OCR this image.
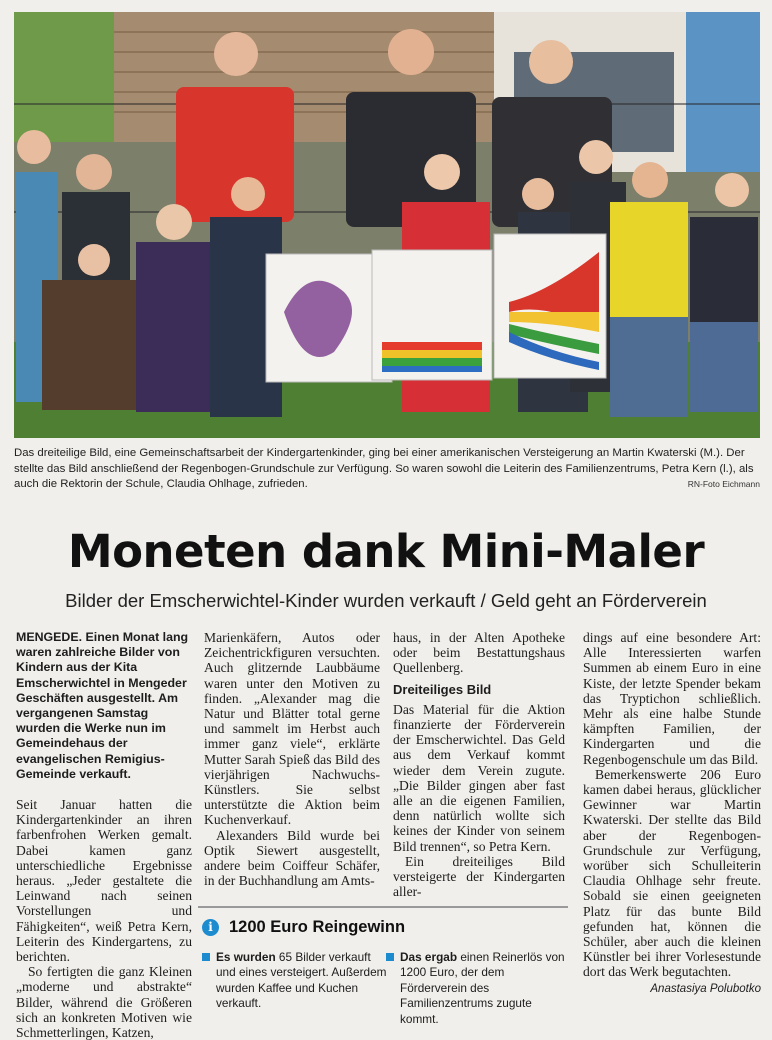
Das dreiteilige Bild, eine Gemeinschaftsarbeit der Kindergartenkinder, ging bei einer amerikanischen Versteigerung an Martin Kwaterski (M.). Der stellte das Bild anschließend der Regenbogen-Grundschule zur Verfügung. So waren sowohl die Leiterin des Familienzentrums, Petra Kern (l.), als auch die Rektorin der Schule, Claudia Ohlhage, zufrieden.	RN-Foto Eichmann
Moneten dank Mini-Maler
Bilder der Emscherwichtel-Kinder wurden verkauft / Geld geht an Förderverein

MENGEDE. Einen Monat lang waren zahlreiche Bilder von Kindern aus der Kita Emscherwichtel in Mengeder Geschäften ausgestellt. Am vergangenen Samstag wurden die Werke nun im Gemeindehaus der evangelischen Remigius-Gemeinde verkauft.

Seit Januar hatten die Kindergartenkinder an ihren farbenfrohen Werken gemalt. Dabei kamen ganz unterschiedliche Ergebnisse heraus. „Jeder gestaltete die Leinwand nach seinen Vorstellungen und Fähigkeiten“, weiß Petra Kern, Leiterin des Kindergartens, zu berichten.

So fertigten die ganz Kleinen „moderne und abstrakte“ Bilder, während die Größeren sich an konkreten Motiven wie Schmetterlingen, Katzen,

Marienkäfern, Autos oder Zeichentrickfiguren versuchten. Auch glitzernde Laubbäume waren unter den Motiven zu finden. „Alexander mag die Natur und Blätter total gerne und sammelt im Herbst auch immer ganz viele“, erklärte Mutter Sarah Spieß das Bild des vierjährigen Nachwuchs-Künstlers. Sie selbst unterstützte die Aktion beim Kuchenverkauf.

Alexanders Bild wurde bei Optik Siewert ausgestellt, andere beim Coiffeur Schäfer, in der Buchhandlung am Amts-

haus, in der Alten Apotheke oder beim Bestattungshaus Quellenberg.

Dreiteiliges Bild

Das Material für die Aktion finanzierte der Förderverein der Emscherwichtel. Das Geld aus dem Verkauf kommt wieder dem Verein zugute. „Die Bilder gingen aber fast alle an die eigenen Familien, denn natürlich wollte sich keines der Kinder von seinem Bild trennen“, so Petra Kern.

Ein dreiteiliges Bild versteigerte der Kindergarten aller-

dings auf eine besondere Art: Alle Interessierten warfen Summen ab einem Euro in eine Kiste, der letzte Spender bekam das Tryptichon schließlich. Mehr als eine halbe Stunde kämpften Familien, der Kindergarten und die Regenbogenschule um das Bild.

Bemerkenswerte 206 Euro kamen dabei heraus, glücklicher Gewinner war Martin Kwaterski. Der stellte das Bild aber der Regenbogen-Grundschule zur Verfügung, worüber sich Schulleiterin Claudia Ohlhage sehr freute. Sobald sie einen geeigneten Platz für das bunte Bild gefunden hat, können die Schüler, aber auch die kleinen Künstler bei ihrer Vorlesestunde dort das Werk begutachten.

Anastasiya Polubotko
i 1200 Euro Reingewinn
Es wurden 65 Bilder verkauft und eines versteigert. Außerdem wurden Kaffee und Kuchen verkauft.
Das ergab einen Reinerlös von 1200 Euro, der dem Förderverein des Familienzentrums zugute kommt.
